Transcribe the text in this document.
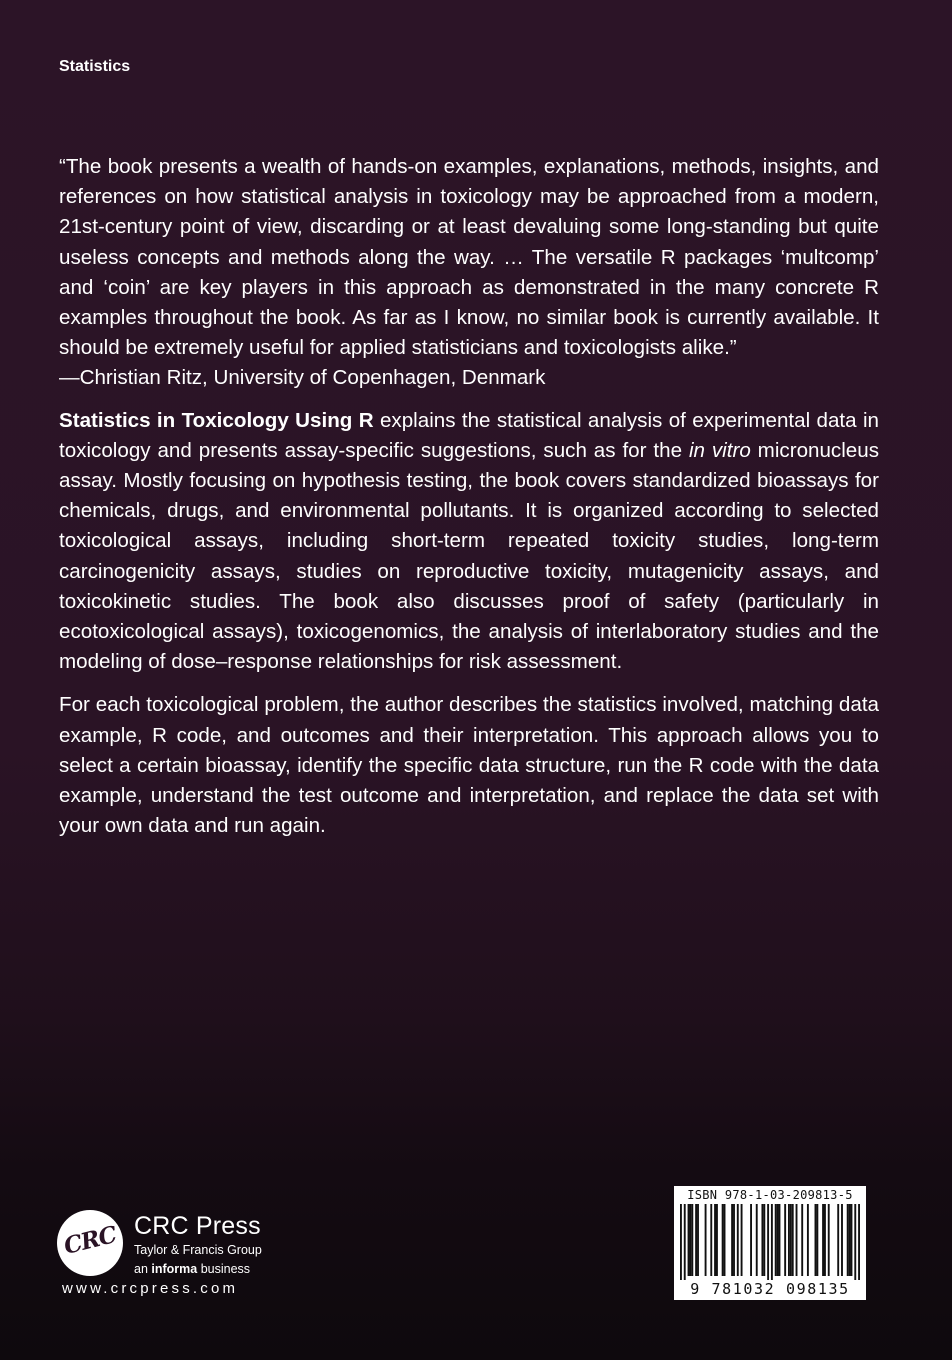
Statistics

“The book presents a wealth of hands-on examples, explanations, methods, insights, and references on how statistical analysis in toxicology may be approached from a modern, 21st-century point of view, discarding or at least devaluing some long-standing but quite useless concepts and methods along the way. … The versatile R packages ‘multcomp’ and ‘coin’ are key players in this approach as demonstrated in the many concrete R examples throughout the book. As far as I know, no similar book is currently available. It should be extremely useful for applied statisticians and toxicologists alike.”

—Christian Ritz, University of Copenhagen, Denmark

Statistics in Toxicology Using R explains the statistical analysis of experimental data in toxicology and presents assay-specific suggestions, such as for the in vitro micronucleus assay. Mostly focusing on hypothesis testing, the book covers standardized bioassays for chemicals, drugs, and environmental pollutants. It is organized according to selected toxicological assays, including short-term repeated toxicity studies, long-term carcinogenicity assays, studies on reproductive toxicity, mutagenicity assays, and toxicokinetic studies. The book also discusses proof of safety (particularly in ecotoxicological assays), toxicogenomics, the analysis of interlaboratory studies and the modeling of dose–response relationships for risk assessment.

For each toxicological problem, the author describes the statistics involved, matching data example, R code, and outcomes and their interpretation. This approach allows you to select a certain bioassay, identify the specific data structure, run the R code with the data example, understand the test outcome and interpretation, and replace the data set with your own data and run again.

CRC CRC Press
Taylor & Francis Group
an informa business
www.crcpress.com
ISBN 978-1-03-209813-5
9 781032 098135
